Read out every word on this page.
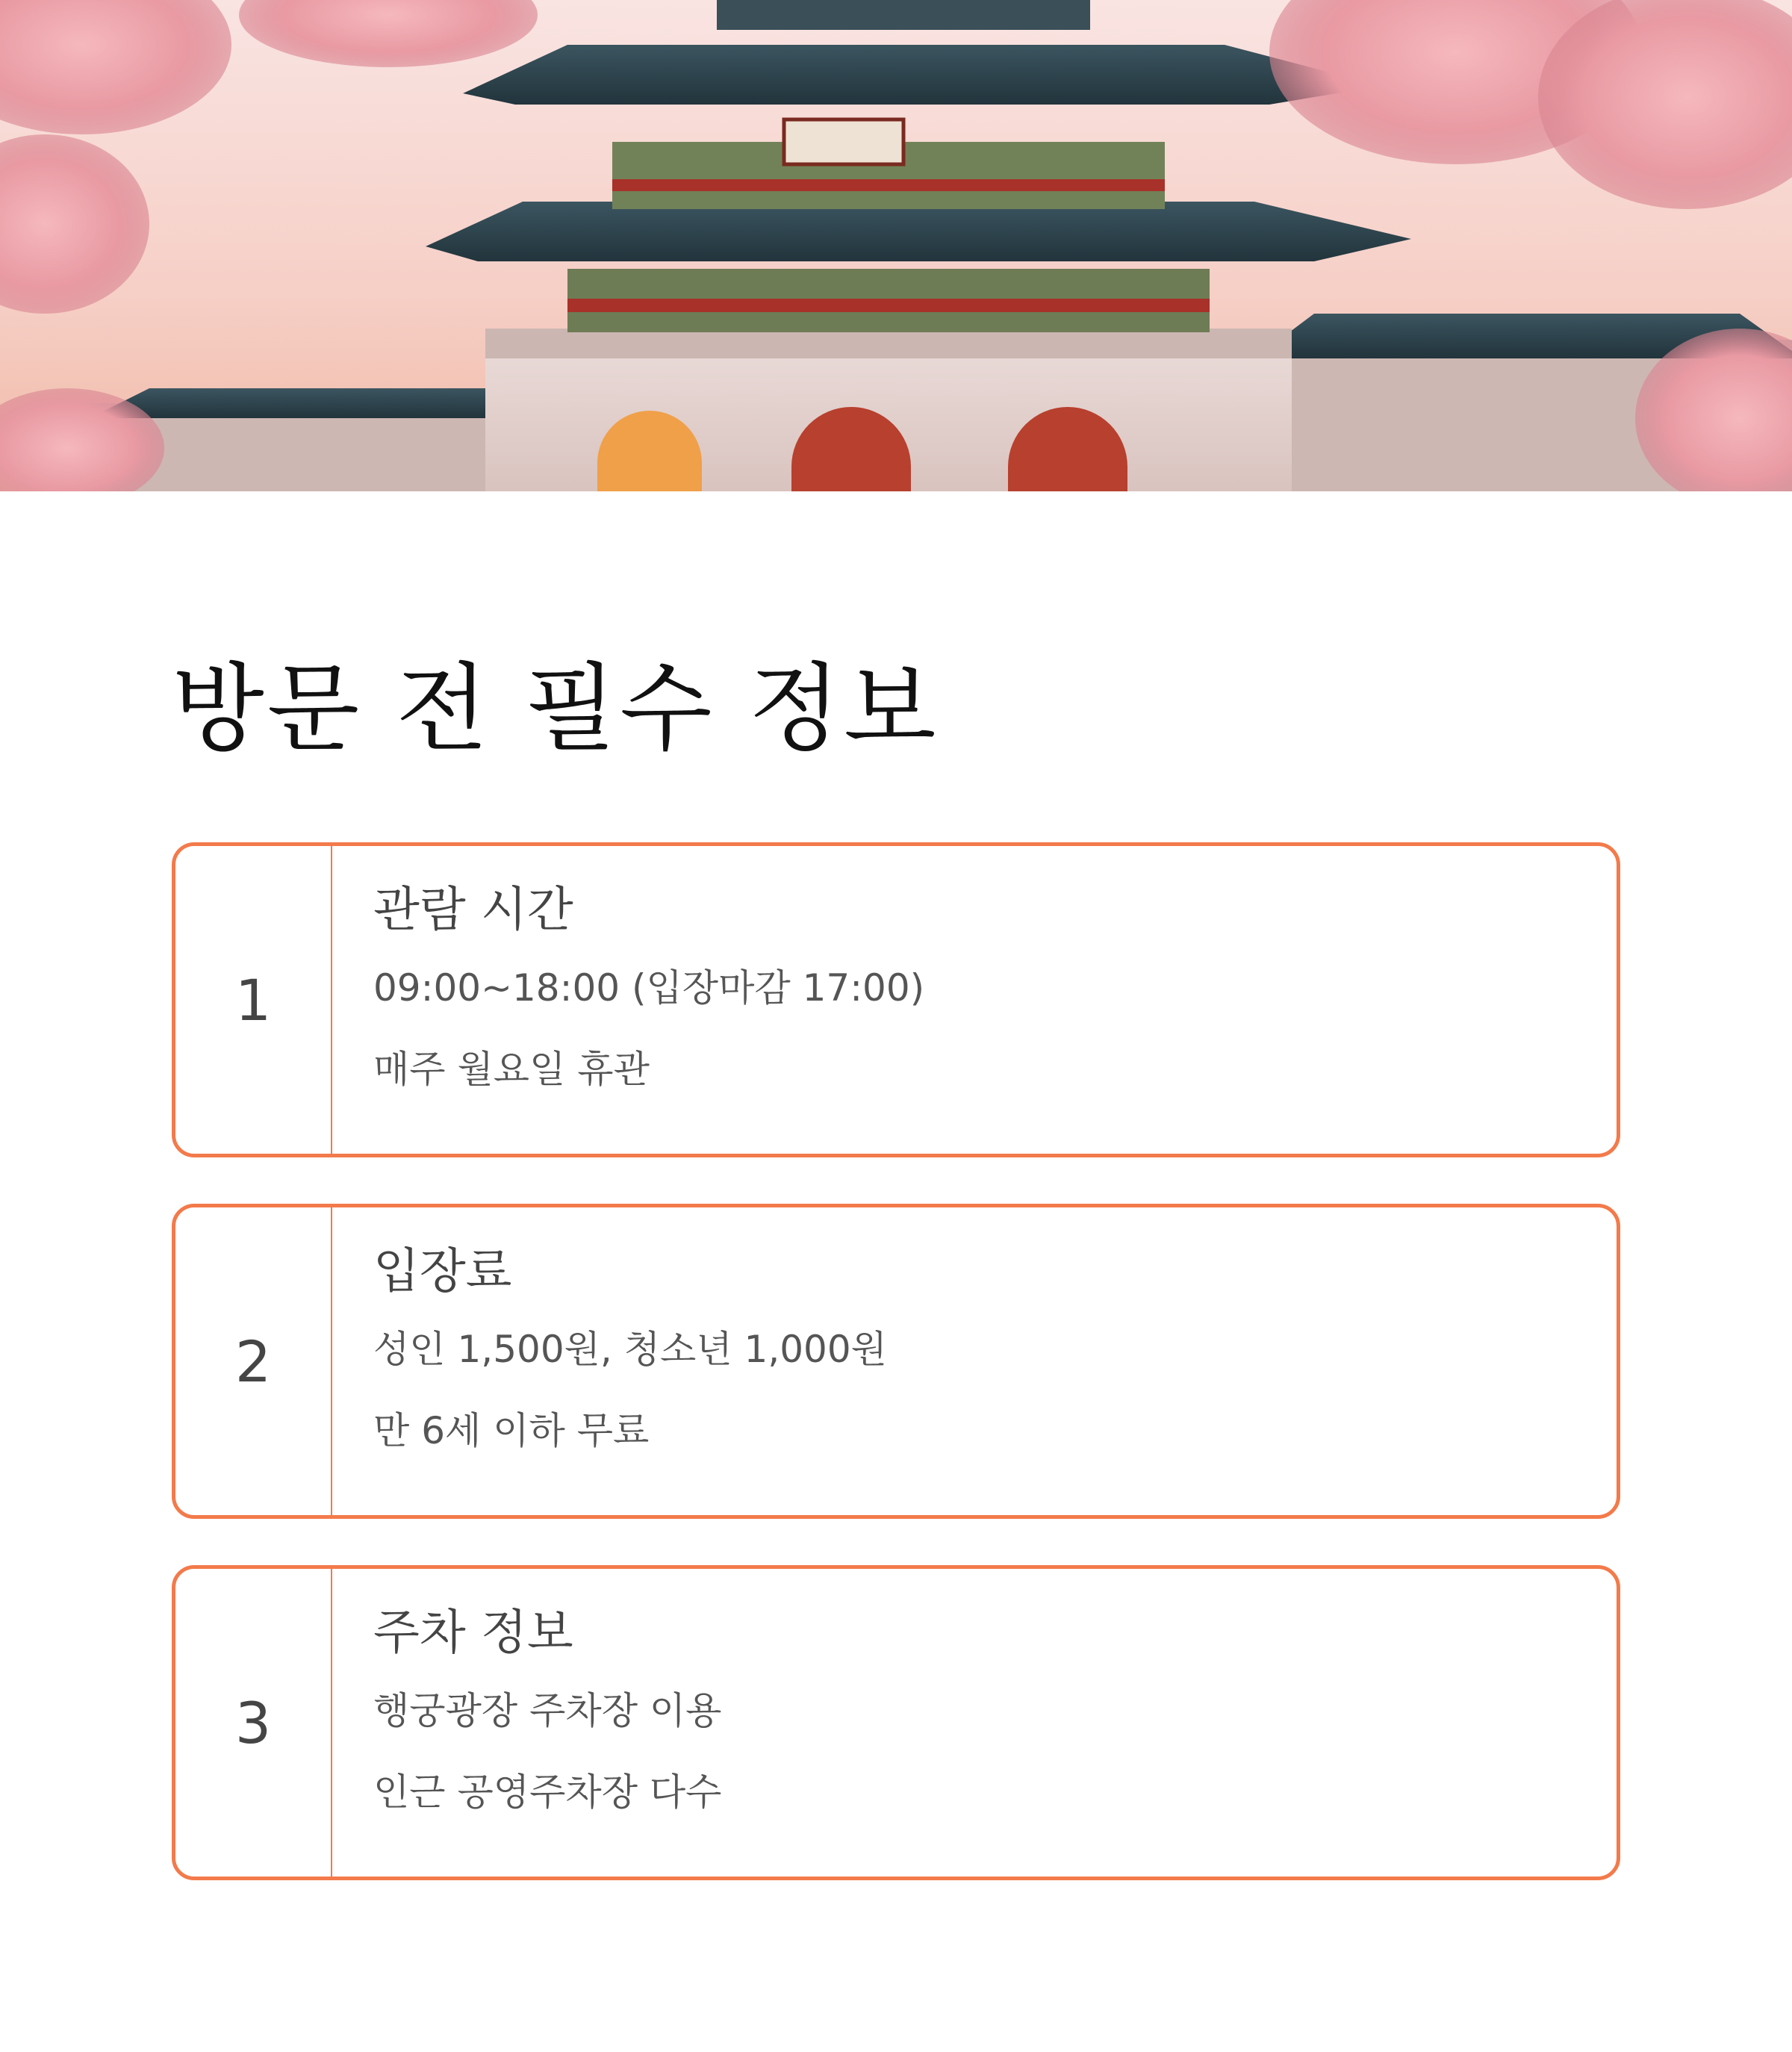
방문 전 필수 정보
1
관람 시간
09:00~18:00 (입장마감 17:00)
매주 월요일 휴관
2
입장료
성인 1,500원, 청소년 1,000원
만 6세 이하 무료
3
주차 정보
행궁광장 주차장 이용
인근 공영주차장 다수
